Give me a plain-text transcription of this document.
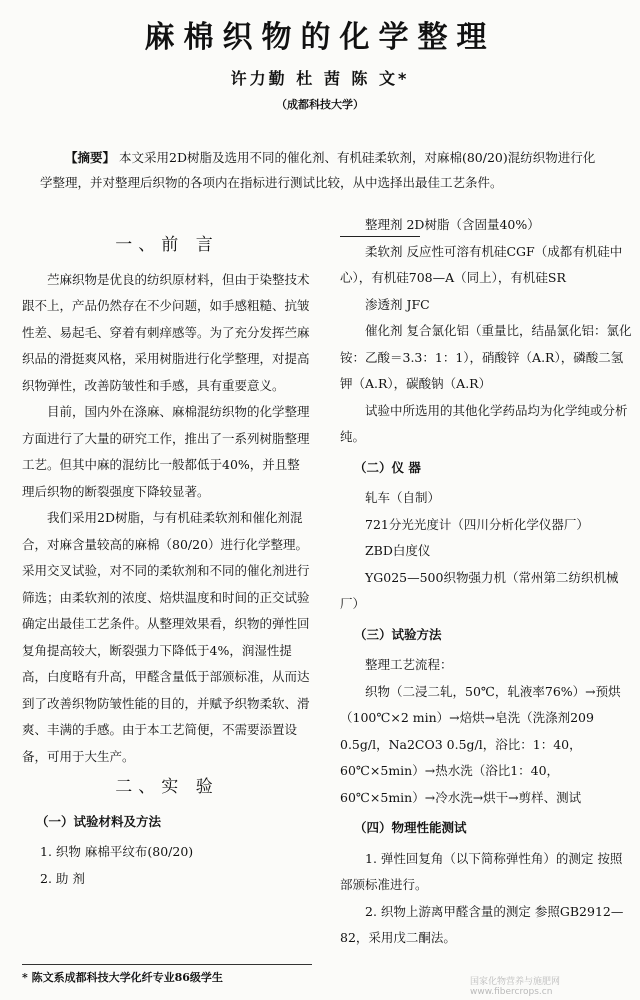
麻棉织物的化学整理
许力勤 杜 茜 陈 文*
（成都科技大学）
【摘要】 本文采用2D树脂及选用不同的催化剂、有机硅柔软剂，对麻棉(80/20)混纺织物进行化学整理，并对整理后织物的各项内在指标进行测试比较，从中选择出最佳工艺条件。
一、前 言

苎麻织物是优良的纺织原材料，但由于染整技术跟不上，产品仍然存在不少问题，如手感粗糙、抗皱性差、易起毛、穿着有刺痒感等。为了充分发挥苎麻织品的滑挺爽风格，采用树脂进行化学整理，对提高织物弹性，改善防皱性和手感，具有重要意义。

目前，国内外在涤麻、麻棉混纺织物的化学整理方面进行了大量的研究工作，推出了一系列树脂整理工艺。但其中麻的混纺比一般都低于40%，并且整理后织物的断裂强度下降较显著。

我们采用2D树脂，与有机硅柔软剂和催化剂混合，对麻含量较高的麻棉（80/20）进行化学整理。采用交叉试验，对不同的柔软剂和不同的催化剂进行筛选；由柔软剂的浓度、焙烘温度和时间的正交试验确定出最佳工艺条件。从整理效果看，织物的弹性回复角提高较大，断裂强力下降低于4%，润湿性提高，白度略有升高，甲醛含量低于部颁标准，从而达到了改善织物防皱性能的目的，并赋予织物柔软、滑爽、丰满的手感。由于本工艺简便，不需要添置设备，可用于大生产。

二、实 验
（一）试验材料及方法
1. 织物 麻棉平纹布(80/20)
2. 助 剂

整理剂 2D树脂（含固量40%）

柔软剂 反应性可溶有机硅CGF（成都有机硅中心），有机硅708—A（同上），有机硅SR

渗透剂 JFC

催化剂 复合氯化铝（重量比，结晶氯化铝：氯化铵：乙酸＝3.3：1：1），硝酸锌（A.R），磷酸二氢钾（A.R），碳酸钠（A.R）

试验中所选用的其他化学药品均为化学纯或分析纯。

（二）仪 器

轧车（自制）

721分光光度计（四川分析化学仪器厂）

ZBD白度仪

YG025—500织物强力机（常州第二纺织机械厂）

（三）试验方法

整理工艺流程：

织物（二浸二轧，50℃，轧液率76%）→预烘（100℃×2 min）→焙烘→皂洗（洗涤剂209 0.5g/l，Na2CO3 0.5g/l，浴比：1：40，60℃×5min）→热水洗（浴比1：40，60℃×5min）→冷水洗→烘干→剪样、测试

（四）物理性能测试

1. 弹性回复角（以下简称弹性角）的测定 按照部颁标准进行。

2. 织物上游离甲醛含量的测定 参照GB2912—82，采用戊二酮法。

* 陈文系成都科技大学化纤专业86级学生	国家化物营养与施肥网 www.fibercrops.cn
